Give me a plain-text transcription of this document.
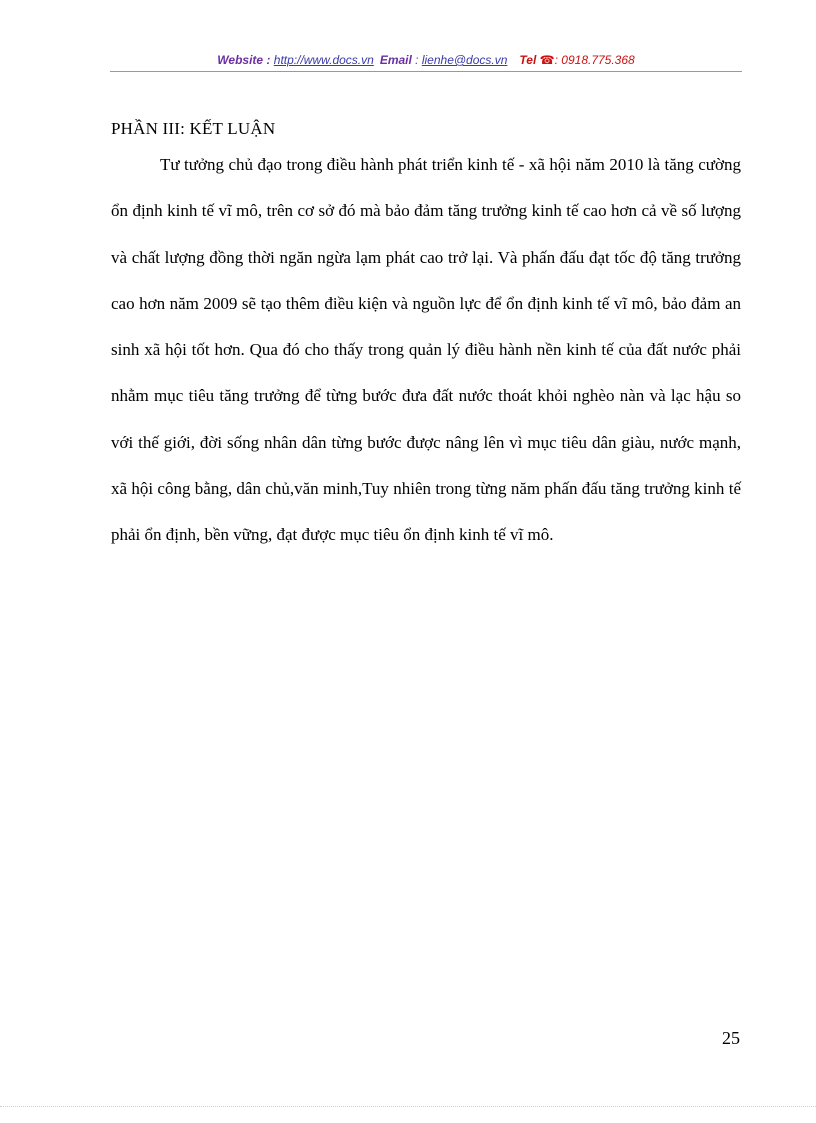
Website : http://www.docs.vn Email : lienhe@docs.vn Tel ☎: 0918.775.368
PHẦN III: KẾT LUẬN

Tư tưởng chủ đạo trong điều hành phát triển kinh tế - xã hội năm 2010 là tăng cường ổn định kinh tế vĩ mô, trên cơ sở đó mà bảo đảm tăng trưởng kinh tế cao hơn cả về số lượng và chất lượng đồng thời ngăn ngừa lạm phát cao trở lại. Và phấn đấu đạt tốc độ tăng trưởng cao hơn năm 2009 sẽ tạo thêm điều kiện và nguồn lực để ổn định kinh tế vĩ mô, bảo đảm an sinh xã hội tốt hơn. Qua đó cho thấy trong quản lý điều hành nền kinh tế của đất nước phải nhằm mục tiêu tăng trưởng để từng bước đưa đất nước thoát khỏi nghèo nàn và lạc hậu so với thế giới, đời sống nhân dân từng bước được nâng lên vì mục tiêu dân giàu, nước mạnh, xã hội công bằng, dân chủ,văn minh,Tuy nhiên trong từng năm phấn đấu tăng trưởng kinh tế phải ổn định, bền vững, đạt được mục tiêu ổn định kinh tế vĩ mô.

25
